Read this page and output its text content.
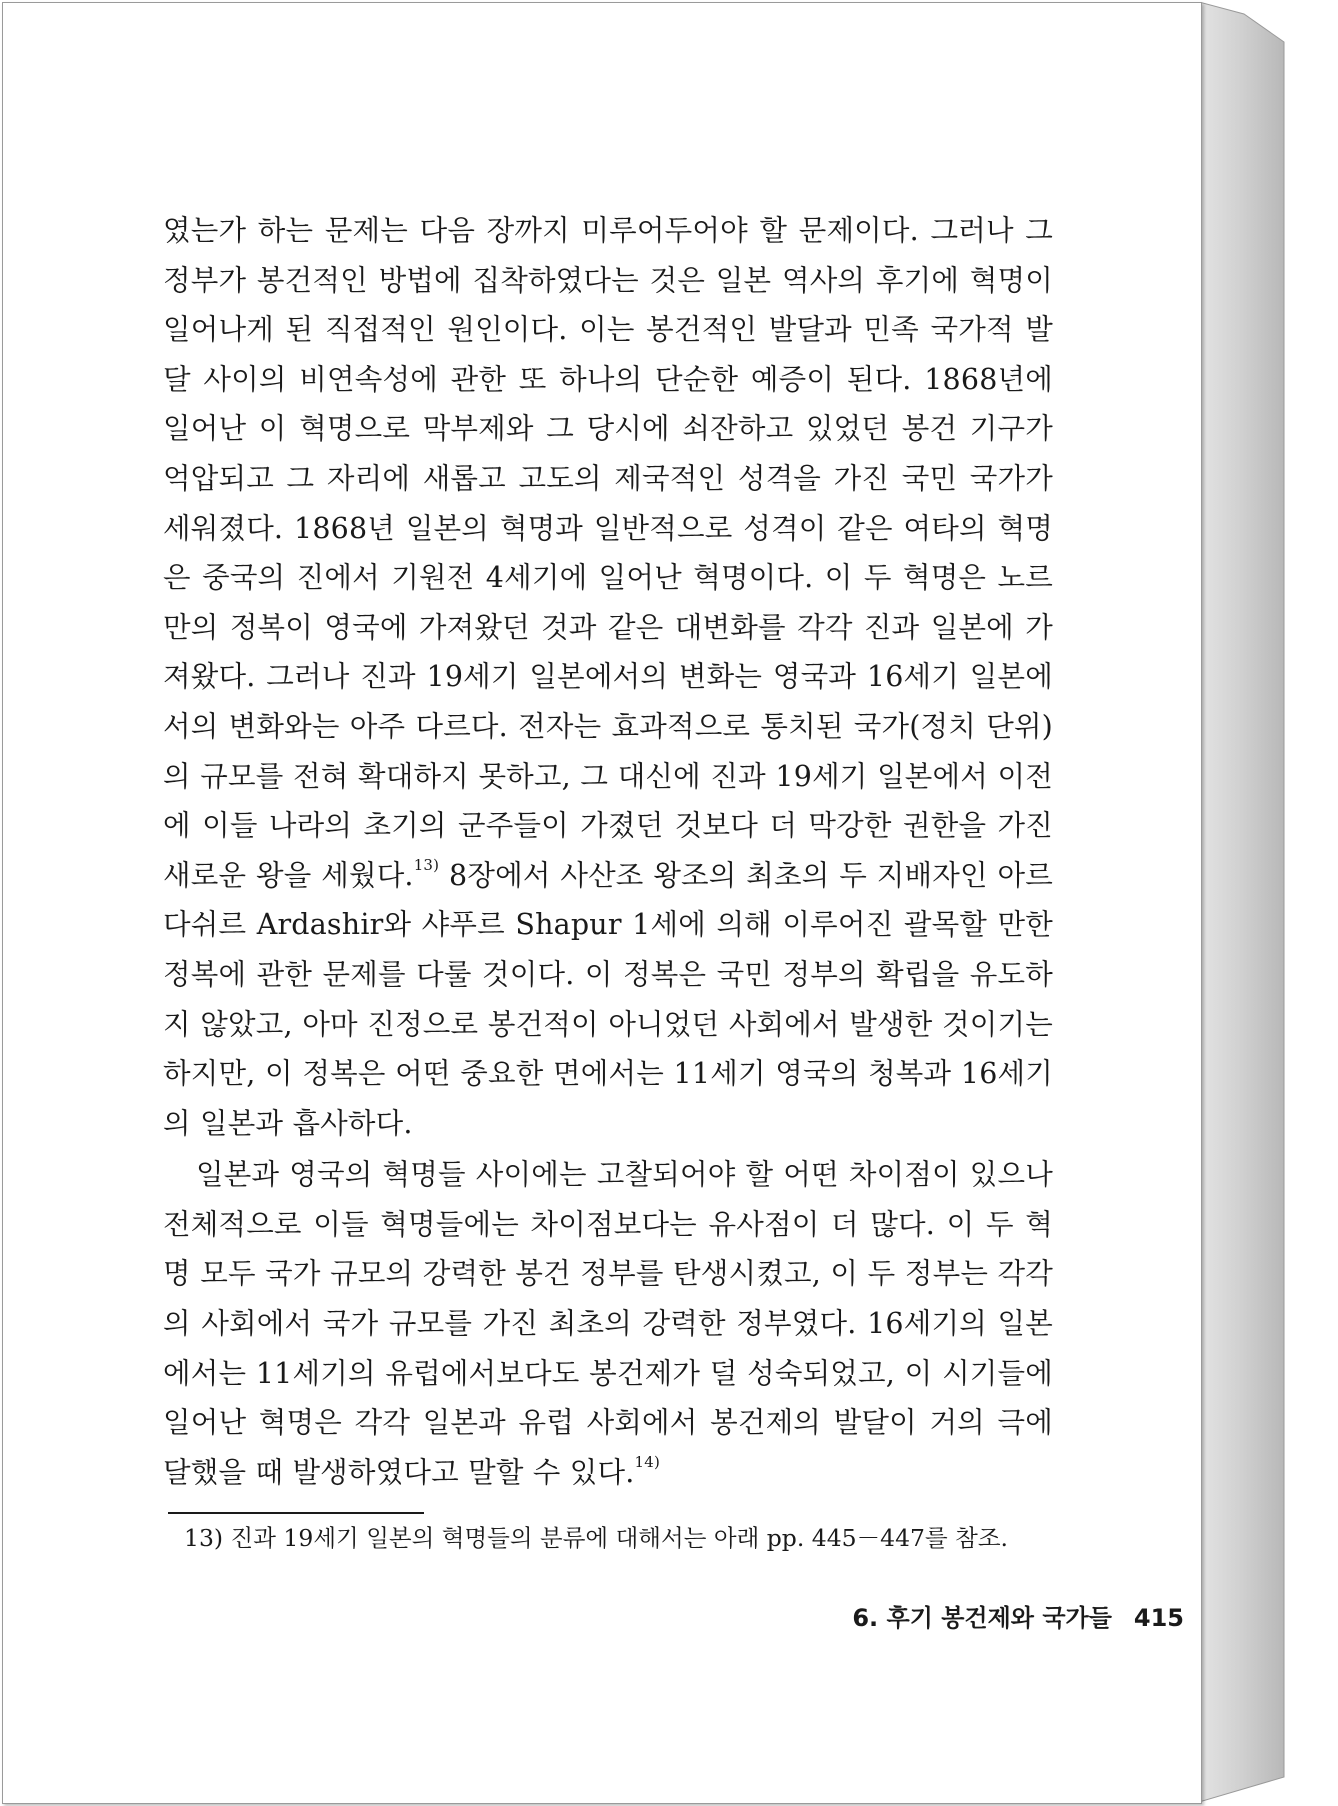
였는가 하는 문제는 다음 장까지 미루어두어야 할 문제이다. 그러나 그 정부가 봉건적인 방법에 집착하였다는 것은 일본 역사의 후기에 혁명이 일어나게 된 직접적인 원인이다. 이는 봉건적인 발달과 민족 국가적 발달 사이의 비연속성에 관한 또 하나의 단순한 예증이 된다. 1868년에 일어난 이 혁명으로 막부제와 그 당시에 쇠잔하고 있었던 봉건 기구가 억압되고 그 자리에 새롭고 고도의 제국적인 성격을 가진 국민 국가가 세워졌다. 1868년 일본의 혁명과 일반적으로 성격이 같은 여타의 혁명은 중국의 진에서 기원전 4세기에 일어난 혁명이다. 이 두 혁명은 노르만의 정복이 영국에 가져왔던 것과 같은 대변화를 각각 진과 일본에 가져왔다. 그러나 진과 19세기 일본에서의 변화는 영국과 16세기 일본에서의 변화와는 아주 다르다. 전자는 효과적으로 통치된 국가(정치 단위)의 규모를 전혀 확대하지 못하고, 그 대신에 진과 19세기 일본에서 이전에 이들 나라의 초기의 군주들이 가졌던 것보다 더 막강한 권한을 가진 새로운 왕을 세웠다.$^{13)}$ 8장에서 사산조 왕조의 최초의 두 지배자인 아르다쉬르 Ardashir와 샤푸르 Shapur 1세에 의해 이루어진 괄목할 만한 정복에 관한 문제를 다룰 것이다. 이 정복은 국민 정부의 확립을 유도하지 않았고, 아마 진정으로 봉건적이 아니었던 사회에서 발생한 것이기는 하지만, 이 정복은 어떤 중요한 면에서는 11세기 영국의 청복과 16세기의 일본과 흡사하다.

일본과 영국의 혁명들 사이에는 고찰되어야 할 어떤 차이점이 있으나 전체적으로 이들 혁명들에는 차이점보다는 유사점이 더 많다. 이 두 혁명 모두 국가 규모의 강력한 봉건 정부를 탄생시켰고, 이 두 정부는 각각의 사회에서 국가 규모를 가진 최초의 강력한 정부였다. 16세기의 일본에서는 11세기의 유럽에서보다도 봉건제가 덜 성숙되었고, 이 시기들에 일어난 혁명은 각각 일본과 유럽 사회에서 봉건제의 발달이 거의 극에 달했을 때 발생하였다고 말할 수 있다.$^{14)}$

13) 진과 19세기 일본의 혁명들의 분류에 대해서는 아래 pp. 445－447를 참조.
6. 후기 봉건제와 국가들 415
